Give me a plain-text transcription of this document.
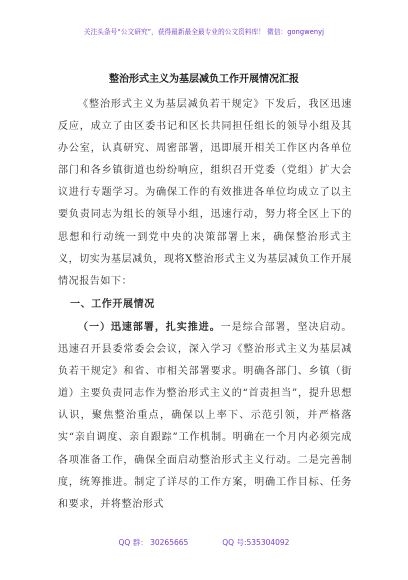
关注头条号“公文研究”，获得最新最全最专业的公文资料库！ 微信：gongwenyj
整治形式主义为基层减负工作开展情况汇报

《整治形式主义为基层减负若干规定》下发后，我区迅速反应，成立了由区委书记和区长共同担任组长的领导小组及其办公室，认真研究、周密部署，迅即展开相关工作区内各单位部门和各乡镇街道也纷纷响应，组织召开党委（党组）扩大会议进行专题学习。为确保工作的有效推进各单位均成立了以主要负责同志为组长的领导小组，迅速行动，努力将全区上下的思想和行动统一到党中央的决策部署上来，确保整治形式主义，切实为基层减负，现将X整治形式主义为基层减负工作开展情况报告如下：

一、工作开展情况

（一）迅速部署，扎实推进。一是综合部署，坚决启动。迅速召开县委常委会会议，深入学习《整治形式主义为基层减负若干规定》和省、市相关部署要求。明确各部门、乡镇（街道）主要负责同志作为整治形式主义的“首责担当”，提升思想认识，聚焦整治重点，确保以上率下、示范引领，并严格落实“亲自调度、亲自跟踪”工作机制。明确在一个月内必须完成各项准备工作，确保全面启动整治形式主义行动。二是完善制度，统筹推进。制定了详尽的工作方案，明确工作目标、任务和要求，并将整治形式

QQ 群： 30265665	QQ 号:535304092
